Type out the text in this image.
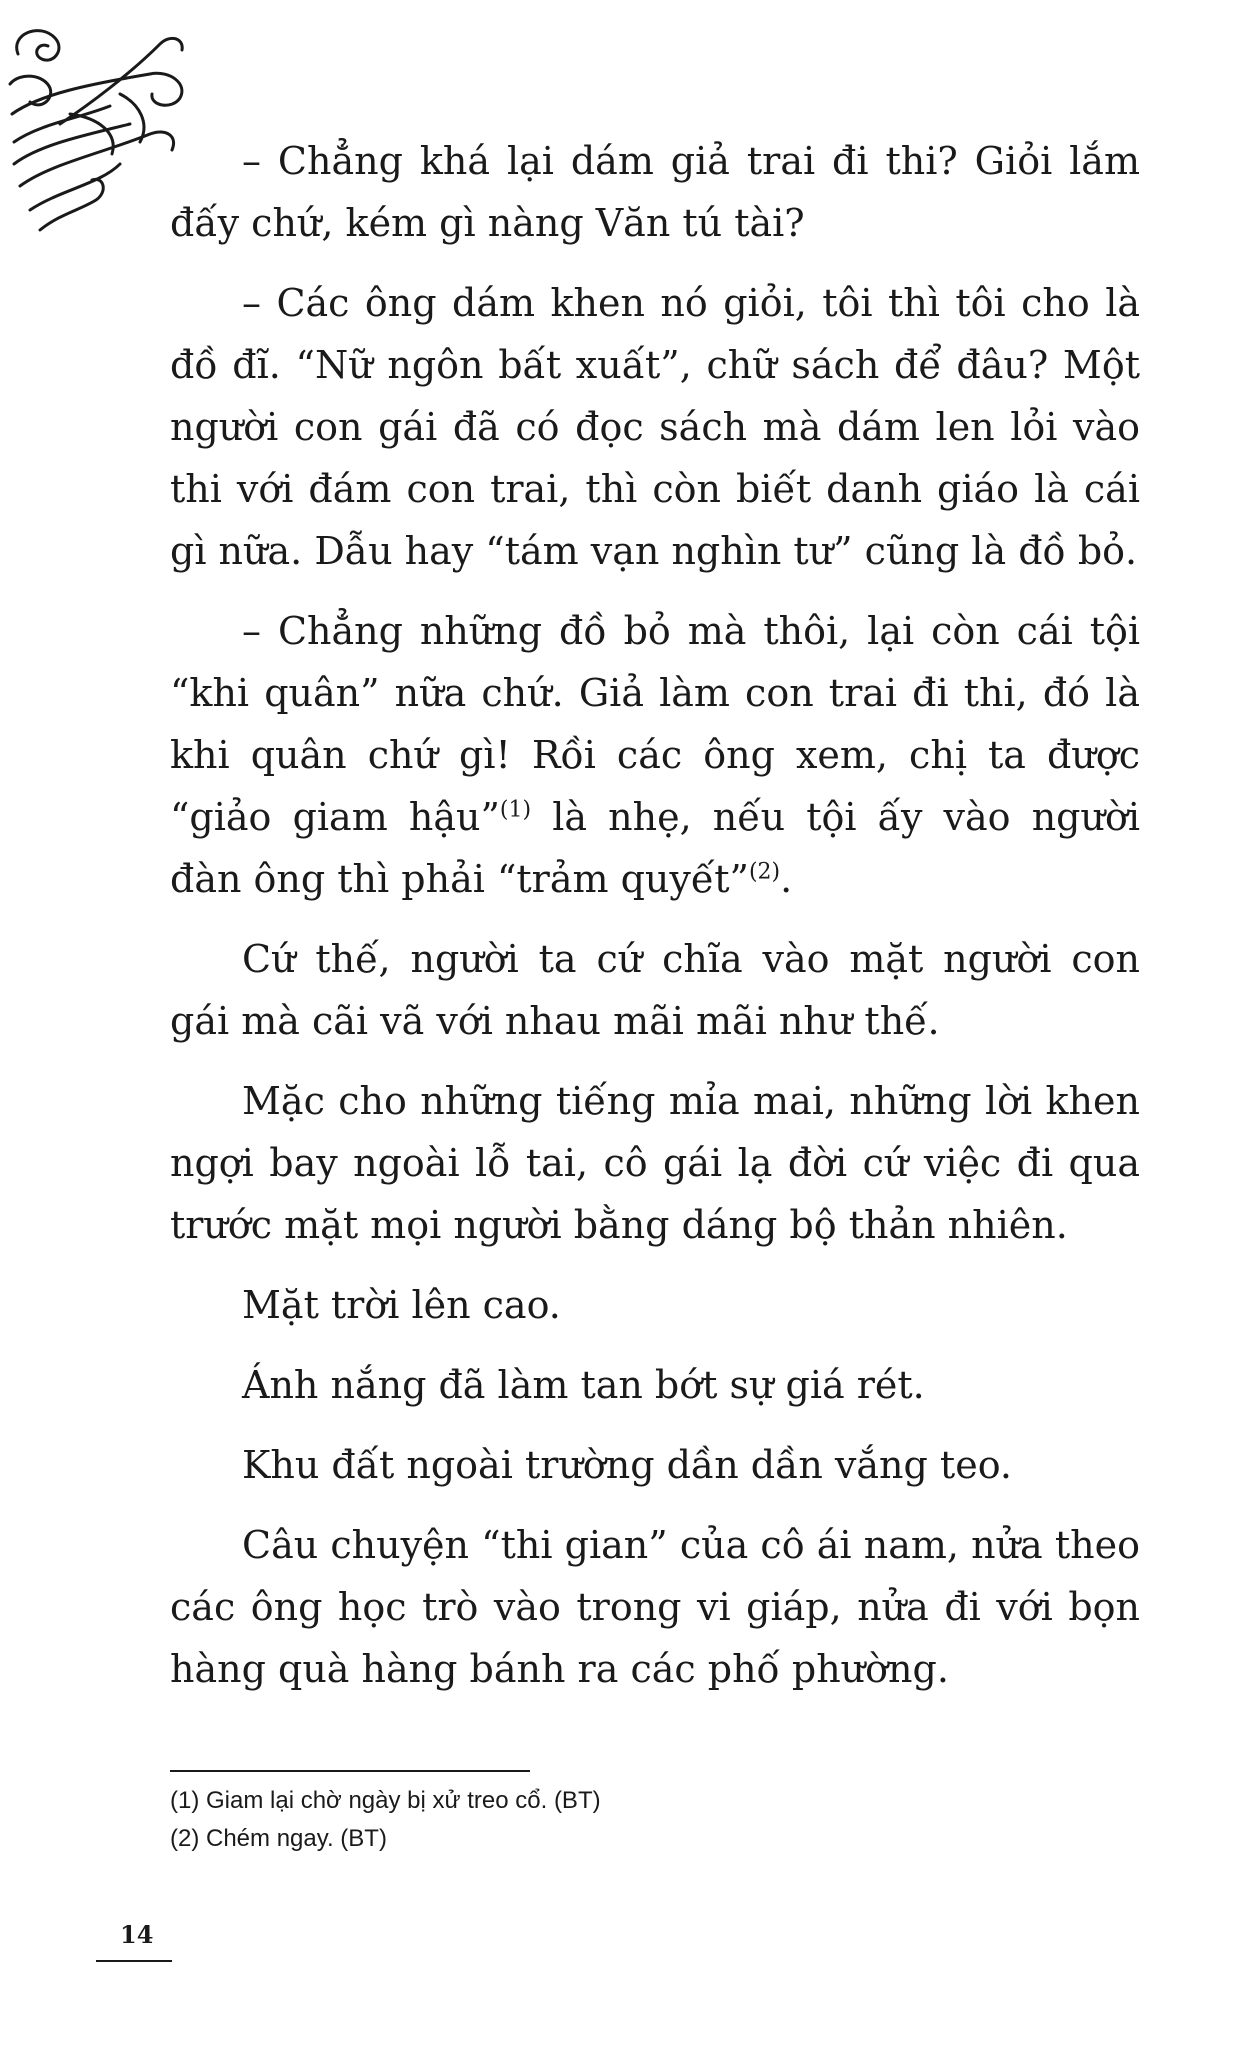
– Chẳng khá lại dám giả trai đi thi? Giỏi lắm đấy chứ, kém gì nàng Văn tú tài?

– Các ông dám khen nó giỏi, tôi thì tôi cho là đồ đĩ. “Nữ ngôn bất xuất”, chữ sách để đâu? Một người con gái đã có đọc sách mà dám len lỏi vào thi với đám con trai, thì còn biết danh giáo là cái gì nữa. Dẫu hay “tám vạn nghìn tư” cũng là đồ bỏ.

– Chẳng những đồ bỏ mà thôi, lại còn cái tội “khi quân” nữa chứ. Giả làm con trai đi thi, đó là khi quân chứ gì! Rồi các ông xem, chị ta được “giảo giam hậu”$^{(1)}$ là nhẹ, nếu tội ấy vào người đàn ông thì phải “trảm quyết”$^{(2)}$.

Cứ thế, người ta cứ chĩa vào mặt người con gái mà cãi vã với nhau mãi mãi như thế.

Mặc cho những tiếng mỉa mai, những lời khen ngợi bay ngoài lỗ tai, cô gái lạ đời cứ việc đi qua trước mặt mọi người bằng dáng bộ thản nhiên.

Mặt trời lên cao.

Ánh nắng đã làm tan bớt sự giá rét.

Khu đất ngoài trường dần dần vắng teo.

Câu chuyện “thi gian” của cô ái nam, nửa theo các ông học trò vào trong vi giáp, nửa đi với bọn hàng quà hàng bánh ra các phố phường.

(1) Giam lại chờ ngày bị xử treo cổ. (BT)

(2) Chém ngay. (BT)

14
